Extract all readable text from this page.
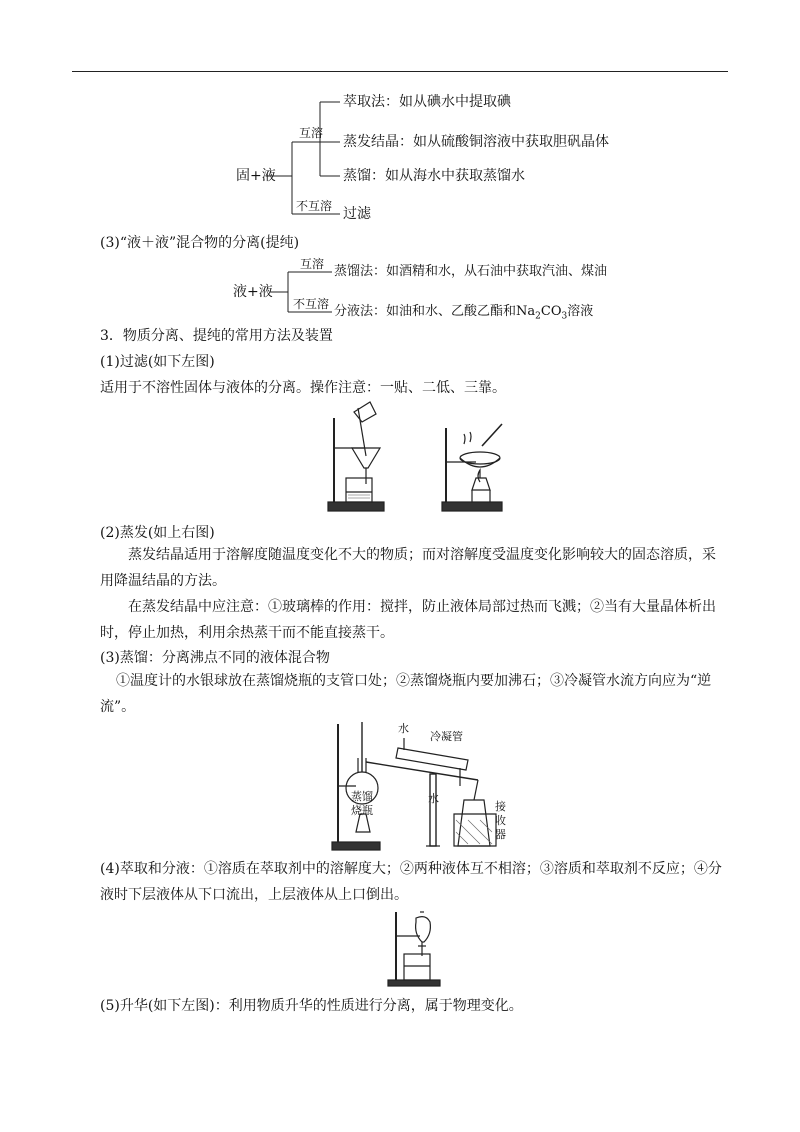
固+液
互溶
不互溶
萃取法：如从碘水中提取碘
蒸发结晶：如从硫酸铜溶液中获取胆矾晶体
蒸馏：如从海水中获取蒸馏水
过滤
(3)“液＋液”混合物的分离(提纯)
液+液
互溶
不互溶
蒸馏法：如酒精和水，从石油中获取汽油、煤油
分液法：如油和水、乙酸乙酯和$Na_2CO_3$溶液
3．物质分离、提纯的常用方法及装置
(1)过滤(如下左图)
适用于不溶性固体与液体的分离。操作注意：一贴、二低、三靠。
(2)蒸发(如上右图)
蒸发结晶适用于溶解度随温度变化不大的物质；而对溶解度受温度变化影响较大的固态溶质，采用降温结晶的方法。
在蒸发结晶中应注意：①玻璃棒的作用：搅拌，防止液体局部过热而飞溅；②当有大量晶体析出时，停止加热，利用余热蒸干而不能直接蒸干。
(3)蒸馏：分离沸点不同的液体混合物
①温度计的水银球放在蒸馏烧瓶的支管口处；②蒸馏烧瓶内要加沸石；③冷凝管水流方向应为“逆流”。
水
冷凝管
蒸馏
烧瓶
水
接
收
器
(4)萃取和分液：①溶质在萃取剂中的溶解度大；②两种液体互不相溶；③溶质和萃取剂不反应；④分液时下层液体从下口流出，上层液体从上口倒出。
(5)升华(如下左图)：利用物质升华的性质进行分离，属于物理变化。
